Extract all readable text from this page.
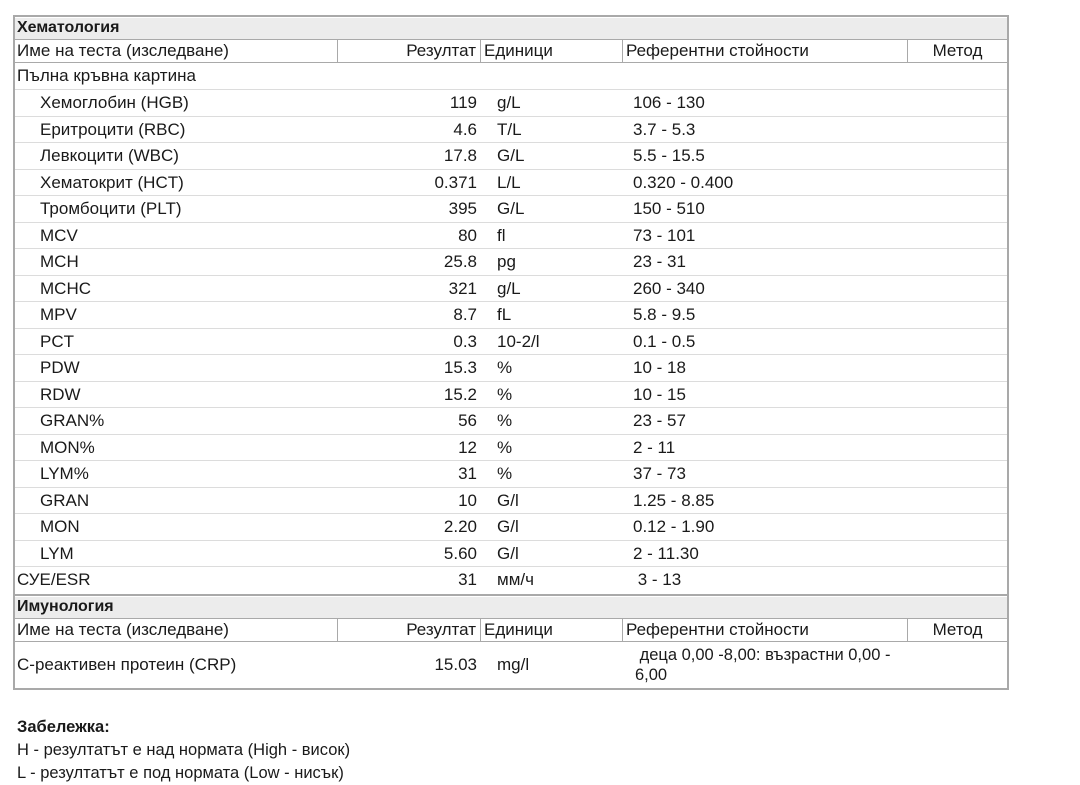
Хематология
Име на теста (изследване)	Резултат Единици	Референтни стойности	Метод
Пълна кръвна картина
Хемоглобин (HGB)	119	g/L	106 - 130
Еритроцити (RBC)	4.6	T/L	3.7 - 5.3
Левкоцити (WBC)	17.8	G/L	5.5 - 15.5
Хематокрит (HCT)	0.371	L/L	0.320 - 0.400
Тромбоцити (PLT)	395	G/L	150 - 510
MCV	80	fl	73 - 101
MCH	25.8	pg	23 - 31
MCHC	321	g/L	260 - 340
MPV	8.7	fL	5.8 - 9.5
PCT	0.3	10-2/l	0.1 - 0.5
PDW	15.3	%	10 - 18
RDW	15.2	%	10 - 15
GRAN%	56	%	23 - 57
MON%	12	%	2 - 11
LYM%	31	%	37 - 73
GRAN	10	G/l	1.25 - 8.85
MON	2.20	G/l	0.12 - 1.90
LYM	5.60	G/l	2 - 11.30
СУЕ/ESR	31	мм/ч	3 - 13
Имунология
Име на теста (изследване)	Резултат Единици	Референтни стойности	Метод
С-реактивен протеин (CRP)	15.03	mg/l	деца 0,00 -8,00: възрастни 0,00 - 6,00
Забележка:
H - резултатът е над нормата (High - висок)
L - резултатът е под нормата (Low - нисък)
